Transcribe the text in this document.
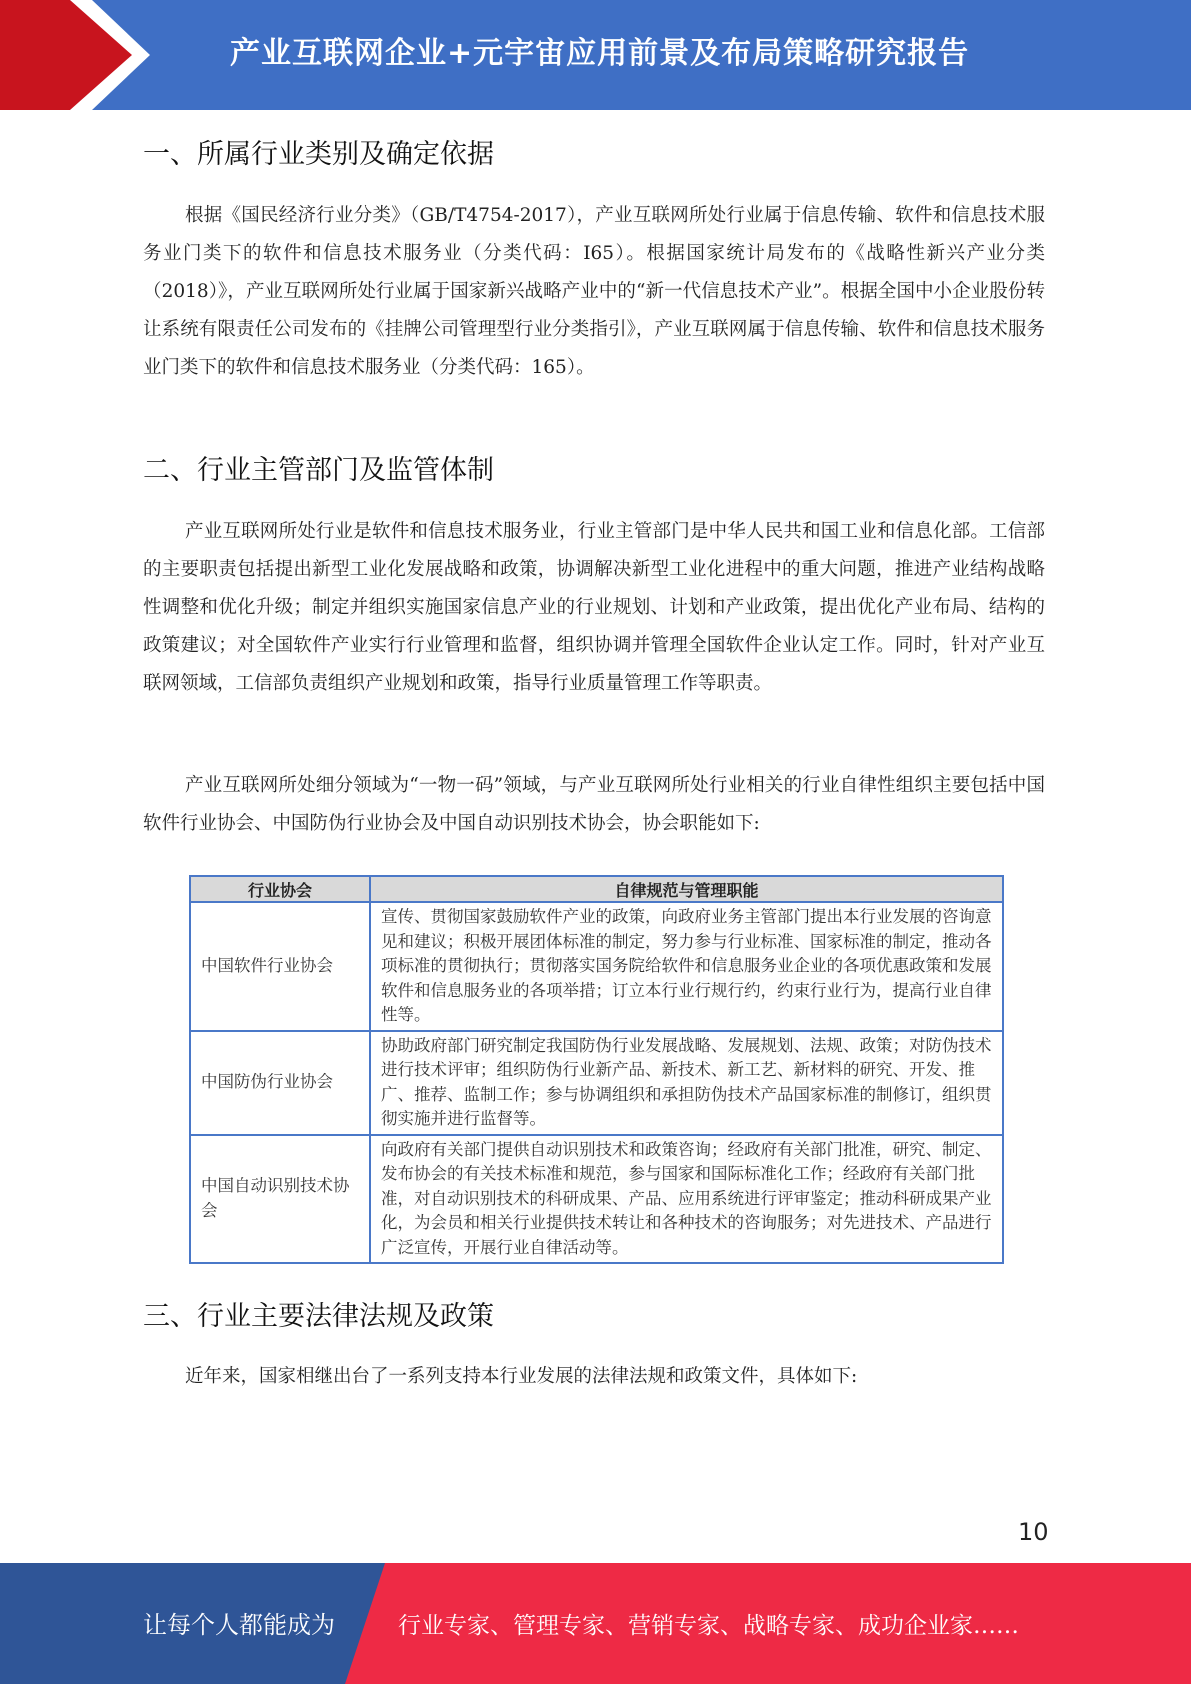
产业互联网企业+元宇宙应用前景及布局策略研究报告
一、所属行业类别及确定依据

根据《国民经济行业分类》（GB/T4754-2017），产业互联网所处行业属于信息传输、软件和信息技术服务业门类下的软件和信息技术服务业（分类代码：I65）。根据国家统计局发布的《战略性新兴产业分类（2018）》，产业互联网所处行业属于国家新兴战略产业中的“新一代信息技术产业”。根据全国中小企业股份转让系统有限责任公司发布的《挂牌公司管理型行业分类指引》，产业互联网属于信息传输、软件和信息技术服务业门类下的软件和信息技术服务业（分类代码：165）。

二、行业主管部门及监管体制

产业互联网所处行业是软件和信息技术服务业，行业主管部门是中华人民共和国工业和信息化部。工信部的主要职责包括提出新型工业化发展战略和政策，协调解决新型工业化进程中的重大问题，推进产业结构战略性调整和优化升级；制定并组织实施国家信息产业的行业规划、计划和产业政策，提出优化产业布局、结构的政策建议；对全国软件产业实行行业管理和监督，组织协调并管理全国软件企业认定工作。同时，针对产业互联网领域，工信部负责组织产业规划和政策，指导行业质量管理工作等职责。

产业互联网所处细分领域为“一物一码”领域，与产业互联网所处行业相关的行业自律性组织主要包括中国软件行业协会、中国防伪行业协会及中国自动识别技术协会，协会职能如下:

行业协会	自律规范与管理职能
中国软件行业协会	宣传、贯彻国家鼓励软件产业的政策，向政府业务主管部门提出本行业发展的咨询意见和建议；积极开展团体标准的制定，努力参与行业标准、国家标准的制定，推动各项标准的贯彻执行；贯彻落实国务院给软件和信息服务业企业的各项优惠政策和发展软件和信息服务业的各项举措；订立本行业行规行约，约束行业行为，提高行业自律性等。
中国防伪行业协会	协助政府部门研究制定我国防伪行业发展战略、发展规划、法规、政策；对防伪技术进行技术评审；组织防伪行业新产品、新技术、新工艺、新材料的研究、开发、推广、推荐、监制工作；参与协调组织和承担防伪技术产品国家标准的制修订，组织贯彻实施并进行监督等。
中国自动识别技术协会	向政府有关部门提供自动识别技术和政策咨询；经政府有关部门批准，研究、制定、发布协会的有关技术标准和规范，参与国家和国际标准化工作；经政府有关部门批准，对自动识别技术的科研成果、产品、应用系统进行评审鉴定；推动科研成果产业化，为会员和相关行业提供技术转让和各种技术的咨询服务；对先进技术、产品进行广泛宣传，开展行业自律活动等。
三、行业主要法律法规及政策

近年来，国家相继出台了一系列支持本行业发展的法律法规和政策文件，具体如下:

10
让每个人都能成为	行业专家、管理专家、营销专家、战略专家、成功企业家……
